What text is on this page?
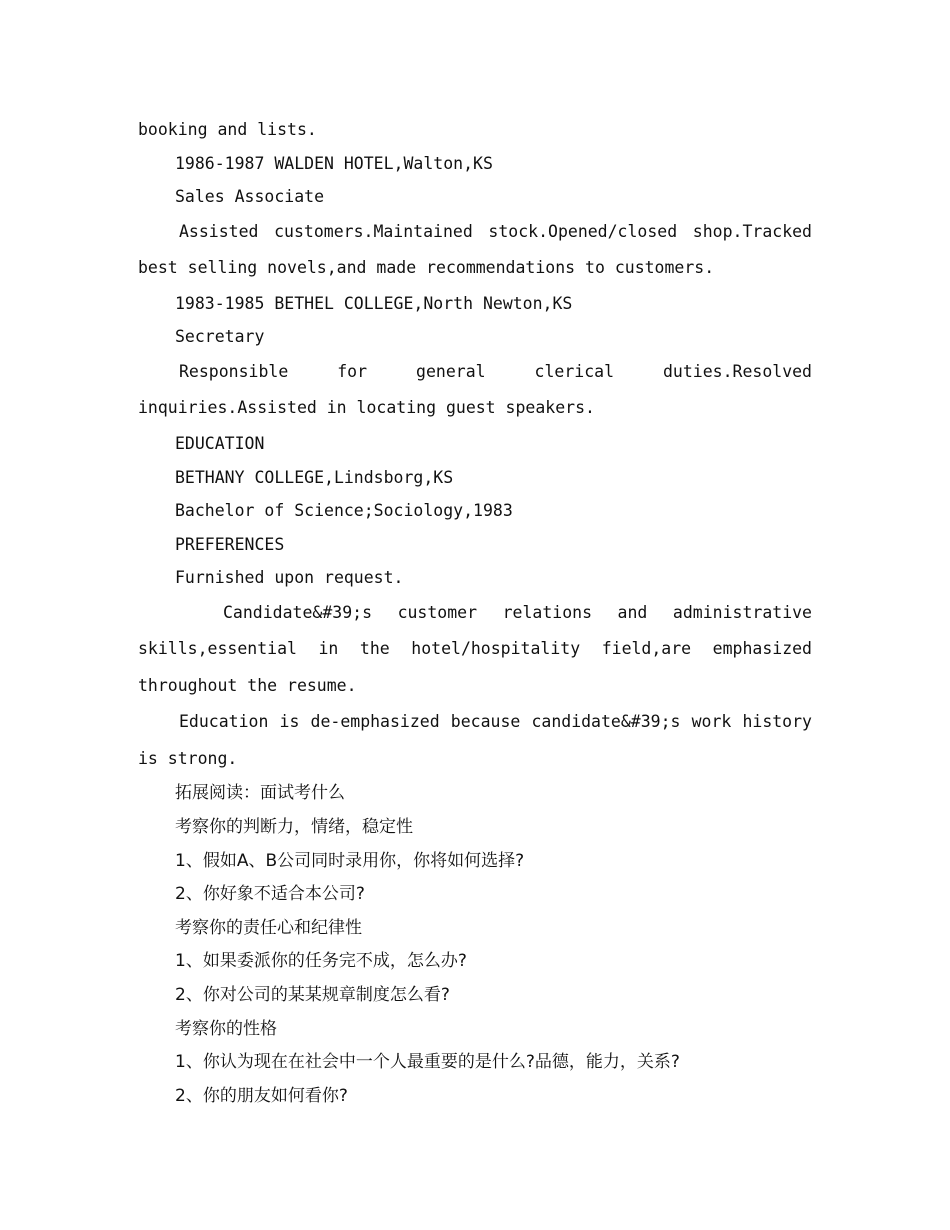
booking and lists.

1986-1987 WALDEN HOTEL,Walton,KS

Sales Associate

Assisted customers.Maintained stock.Opened/closed shop.Tracked best selling novels,and made recommendations to customers.

1983-1985 BETHEL COLLEGE,North Newton,KS

Secretary

Responsible for general clerical duties.Resolved inquiries.Assisted in locating guest speakers.

EDUCATION

BETHANY COLLEGE,Lindsborg,KS

Bachelor of Science;Sociology,1983

PREFERENCES

Furnished upon request.

Candidate&#39;s customer relations and administrative skills,essential in the hotel/hospitality field,are emphasized throughout the resume.

Education is de-emphasized because candidate&#39;s work history is strong.

拓展阅读：面试考什么

考察你的判断力，情绪，稳定性

1、假如A、B公司同时录用你，你将如何选择?

2、你好象不适合本公司?

考察你的责任心和纪律性

1、如果委派你的任务完不成，怎么办?

2、你对公司的某某规章制度怎么看?

考察你的性格

1、你认为现在在社会中一个人最重要的是什么?品德，能力，关系?

2、你的朋友如何看你?
